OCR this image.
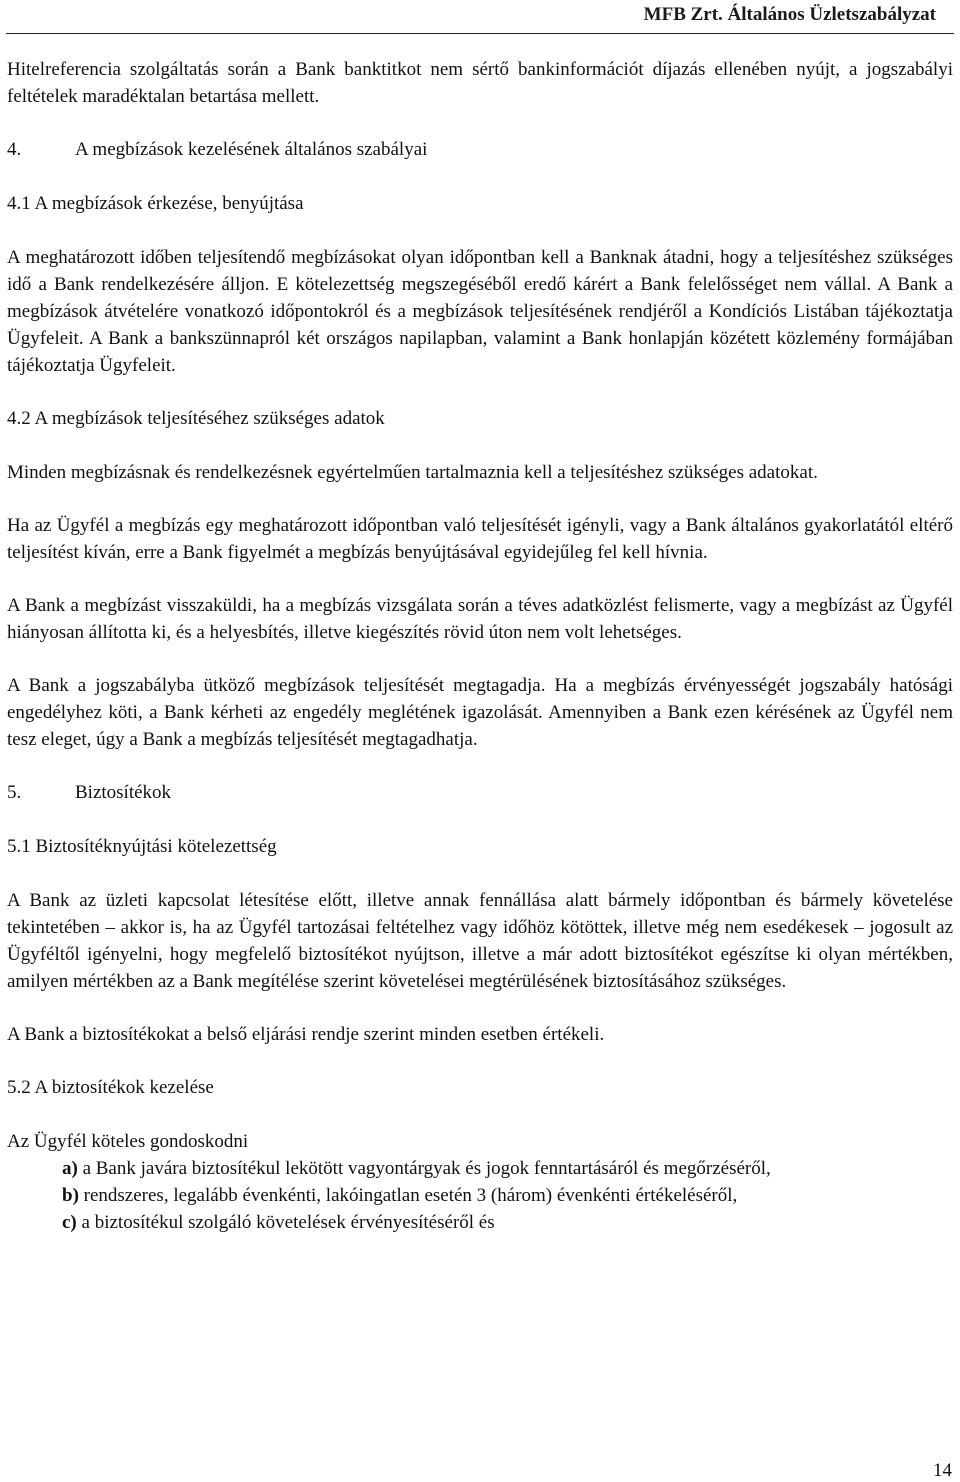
MFB Zrt. Általános Üzletszabályzat

Hitelreferencia szolgáltatás során a Bank banktitkot nem sértő bankinformációt díjazás ellenében nyújt, a jogszabályi feltételek maradéktalan betartása mellett.

4.	A megbízások kezelésének általános szabályai

4.1 A megbízások érkezése, benyújtása

A meghatározott időben teljesítendő megbízásokat olyan időpontban kell a Banknak átadni, hogy a teljesítéshez szükséges idő a Bank rendelkezésére álljon. E kötelezettség megszegéséből eredő kárért a Bank felelősséget nem vállal. A Bank a megbízások átvételére vonatkozó időpontokról és a megbízások teljesítésének rendjéről a Kondíciós Listában tájékoztatja Ügyfeleit. A Bank a bankszünnapról két országos napilapban, valamint a Bank honlapján közétett közlemény formájában tájékoztatja Ügyfeleit.

4.2 A megbízások teljesítéséhez szükséges adatok

Minden megbízásnak és rendelkezésnek egyértelműen tartalmaznia kell a teljesítéshez szükséges adatokat.

Ha az Ügyfél a megbízás egy meghatározott időpontban való teljesítését igényli, vagy a Bank általános gyakorlatától eltérő teljesítést kíván, erre a Bank figyelmét a megbízás benyújtásával egyidejűleg fel kell hívnia.

A Bank a megbízást visszaküldi, ha a megbízás vizsgálata során a téves adatközlést felismerte, vagy a megbízást az Ügyfél hiányosan állította ki, és a helyesbítés, illetve kiegészítés rövid úton nem volt lehetséges.

A Bank a jogszabályba ütköző megbízások teljesítését megtagadja. Ha a megbízás érvényességét jogszabály hatósági engedélyhez köti, a Bank kérheti az engedély meglétének igazolását. Amennyiben a Bank ezen kérésének az Ügyfél nem tesz eleget, úgy a Bank a megbízás teljesítését megtagadhatja.

5.	Biztosítékok

5.1 Biztosítéknyújtási kötelezettség

A Bank az üzleti kapcsolat létesítése előtt, illetve annak fennállása alatt bármely időpontban és bármely követelése tekintetében – akkor is, ha az Ügyfél tartozásai feltételhez vagy időhöz kötöttek, illetve még nem esedékesek – jogosult az Ügyféltől igényelni, hogy megfelelő biztosítékot nyújtson, illetve a már adott biztosítékot egészítse ki olyan mértékben, amilyen mértékben az a Bank megítélése szerint követelései megtérülésének biztosításához szükséges.

A Bank a biztosítékokat a belső eljárási rendje szerint minden esetben értékeli.

5.2 A biztosítékok kezelése

Az Ügyfél köteles gondoskodni

a) a Bank javára biztosítékul lekötött vagyontárgyak és jogok fenntartásáról és megőrzéséről,
b) rendszeres, legalább évenkénti, lakóingatlan esetén 3 (három) évenkénti értékeléséről,
c) a biztosítékul szolgáló követelések érvényesítéséről és
14
